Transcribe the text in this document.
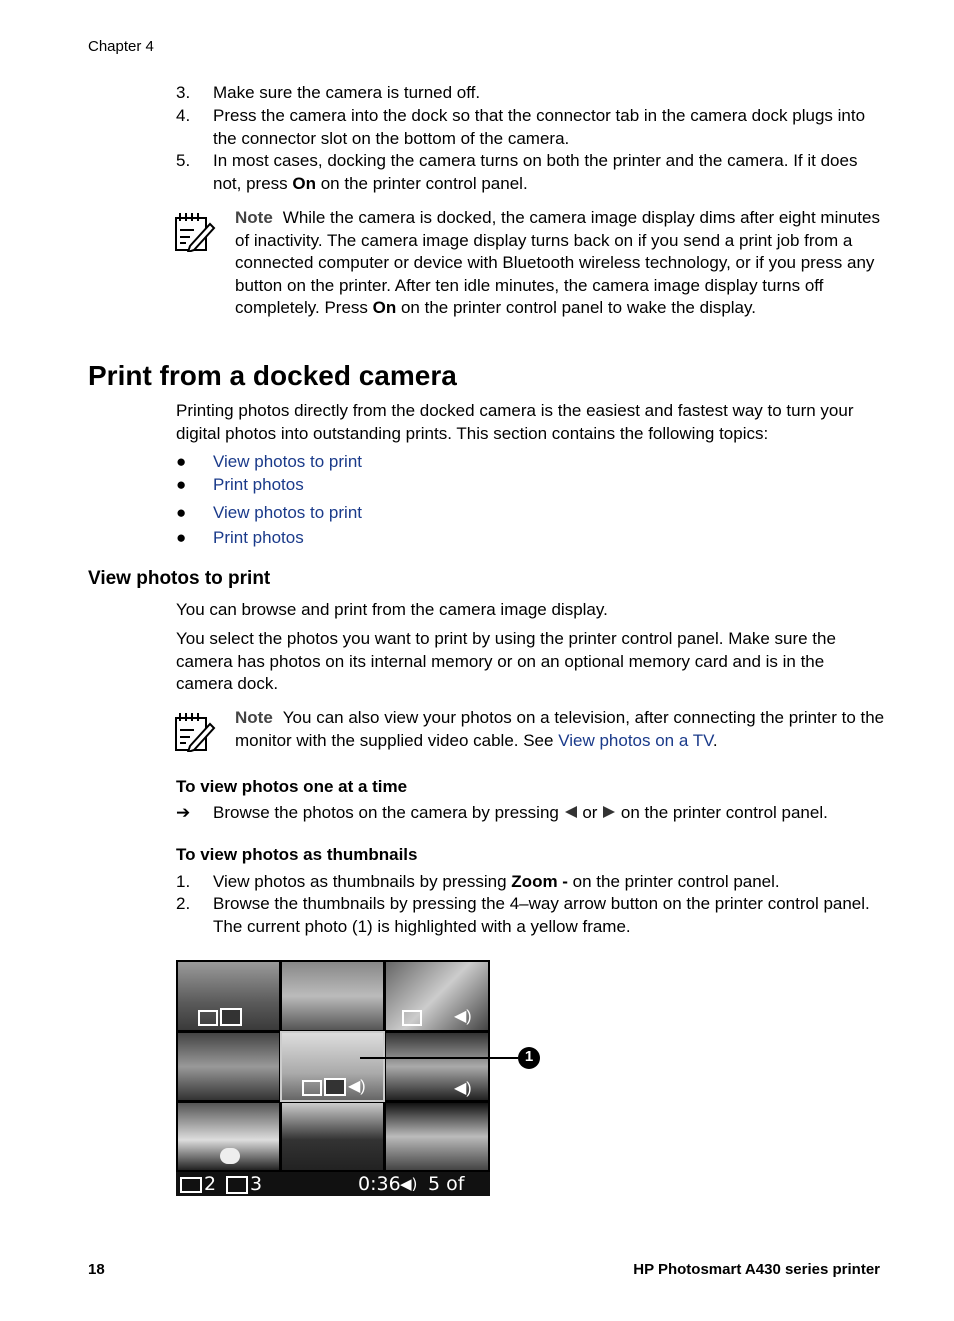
Chapter 4
3. Make sure the camera is turned off.
4. Press the camera into the dock so that the connector tab in the camera dock plugs into the connector slot on the bottom of the camera.
5. In most cases, docking the camera turns on both the printer and the camera. If it does not, press On on the printer control panel.
Note While the camera is docked, the camera image display dims after eight minutes of inactivity. The camera image display turns back on if you send a print job from a connected computer or device with Bluetooth wireless technology, or if you press any button on the printer. After ten idle minutes, the camera image display turns off completely. Press On on the printer control panel to wake the display.
Print from a docked camera
Printing photos directly from the docked camera is the easiest and fastest way to turn your digital photos into outstanding prints. This section contains the following topics:
● View photos to print
● Print photos
● View photos to print
● Print photos
View photos to print
You can browse and print from the camera image display.
You select the photos you want to print by using the printer control panel. Make sure the camera has photos on its internal memory or on an optional memory card and is in the camera dock.
Note You can also view your photos on a television, after connecting the printer to the monitor with the supplied video cable. See View photos on a TV.
To view photos one at a time
➔ Browse the photos on the camera by pressing  or  on the printer control panel.
To view photos as thumbnails
1. View photos as thumbnails by pressing Zoom - on the printer control panel.
2. Browse the thumbnails by pressing the 4–way arrow button on the printer control panel. The current photo (1) is highlighted with a yellow frame.
◀)
◀)	◀)
2 3	0:36 ◀) 5 of 30
1
18	HP Photosmart A430 series printer
